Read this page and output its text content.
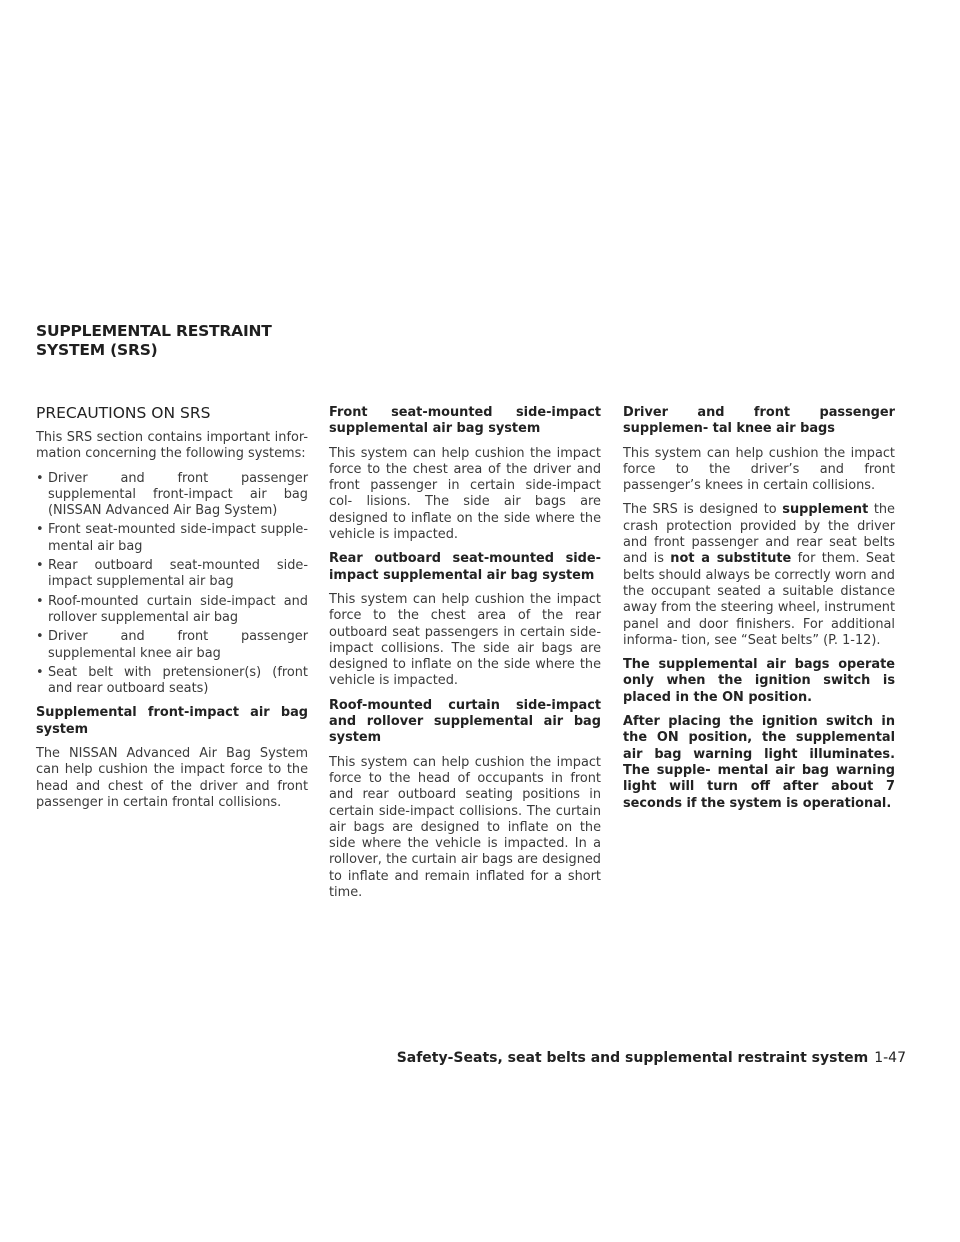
SUPPLEMENTAL RESTRAINT SYSTEM (SRS)
PRECAUTIONS ON SRS

This SRS section contains important infor- mation concerning the following systems:

• Driver and front passenger supplemental front-impact air bag (NISSAN Advanced Air Bag System)
• Front seat-mounted side-impact supple- mental air bag
• Rear outboard seat-mounted side- impact supplemental air bag
• Roof-mounted curtain side-impact and rollover supplemental air bag
• Driver and front passenger supplemental knee air bag
• Seat belt with pretensioner(s) (front and rear outboard seats)
Supplemental front-impact air bag system

The NISSAN Advanced Air Bag System can help cushion the impact force to the head and chest of the driver and front passenger in certain frontal collisions.

Front seat-mounted side-impact supplemental air bag system

This system can help cushion the impact force to the chest area of the driver and front passenger in certain side-impact col- lisions. The side air bags are designed to inflate on the side where the vehicle is impacted.

Rear outboard seat-mounted side- impact supplemental air bag system

This system can help cushion the impact force to the chest area of the rear outboard seat passengers in certain side-impact collisions. The side air bags are designed to inflate on the side where the vehicle is impacted.

Roof-mounted curtain side-impact and rollover supplemental air bag system

This system can help cushion the impact force to the head of occupants in front and rear outboard seating positions in certain side-impact collisions. The curtain air bags are designed to inflate on the side where the vehicle is impacted. In a rollover, the curtain air bags are designed to inflate and remain inflated for a short time.

Driver and front passenger supplemen- tal knee air bags

This system can help cushion the impact force to the driver’s and front passenger’s knees in certain collisions.

The SRS is designed to supplement the crash protection provided by the driver and front passenger and rear seat belts and is not a substitute for them. Seat belts should always be correctly worn and the occupant seated a suitable distance away from the steering wheel, instrument panel and door finishers. For additional informa- tion, see “Seat belts” (P. 1-12).

The supplemental air bags operate only when the ignition switch is placed in the ON position.

After placing the ignition switch in the ON position, the supplemental air bag warning light illuminates. The supple- mental air bag warning light will turn off after about 7 seconds if the system is operational.

Safety-Seats, seat belts and supplemental restraint system 1-47
